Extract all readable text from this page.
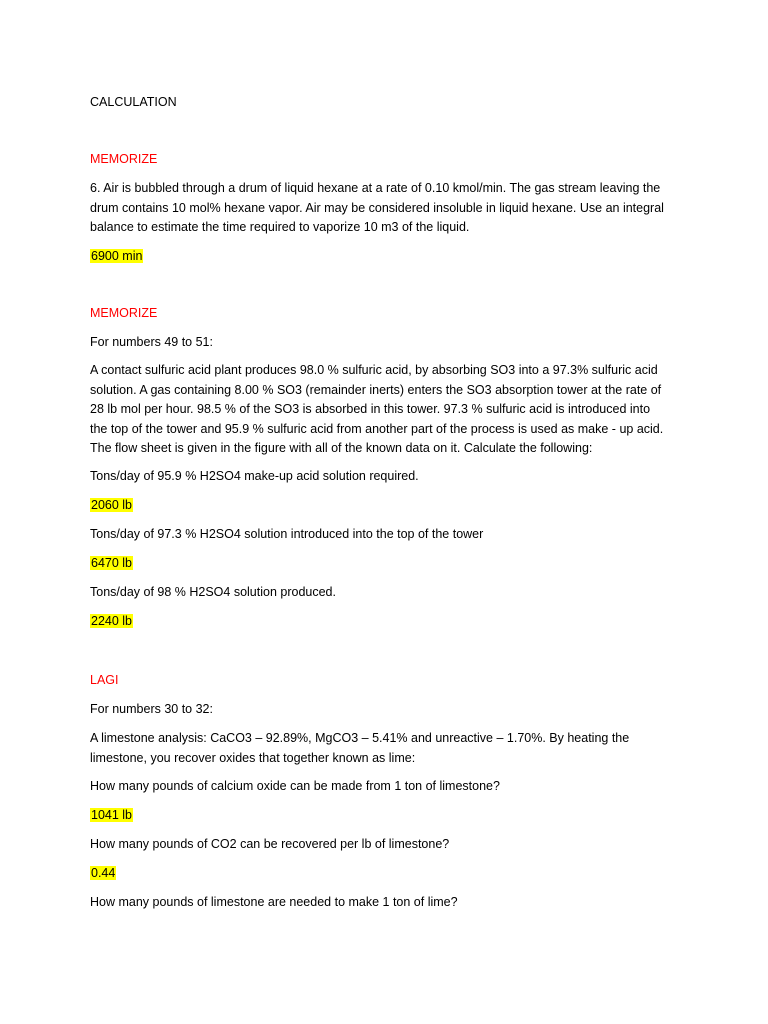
CALCULATION

MEMORIZE

6. Air is bubbled through a drum of liquid hexane at a rate of 0.10 kmol/min. The gas stream leaving the
drum contains 10 mol% hexane vapor. Air may be considered insoluble in liquid hexane. Use an integral
balance to estimate the time required to vaporize 10 m3 of the liquid.

6900 min

MEMORIZE

For numbers 49 to 51:

A contact sulfuric acid plant produces 98.0 % sulfuric acid, by absorbing SO3 into a 97.3% sulfuric acid
solution. A gas containing 8.00 % SO3 (remainder inerts) enters the SO3 absorption tower at the rate of
28 lb mol per hour. 98.5 % of the SO3 is absorbed in this tower. 97.3 % sulfuric acid is introduced into
the top of the tower and 95.9 % sulfuric acid from another part of the process is used as make - up acid.
The flow sheet is given in the figure with all of the known data on it. Calculate the following:

Tons/day of 95.9 % H2SO4 make-up acid solution required.

2060 lb

Tons/day of 97.3 % H2SO4 solution introduced into the top of the tower

6470 lb

Tons/day of 98 % H2SO4 solution produced.

2240 lb

LAGI

For numbers 30 to 32:

A limestone analysis: CaCO3 – 92.89%, MgCO3 – 5.41% and unreactive – 1.70%. By heating the
limestone, you recover oxides that together known as lime:

How many pounds of calcium oxide can be made from 1 ton of limestone?

1041 lb

How many pounds of CO2 can be recovered per lb of limestone?

0.44

How many pounds of limestone are needed to make 1 ton of lime?
